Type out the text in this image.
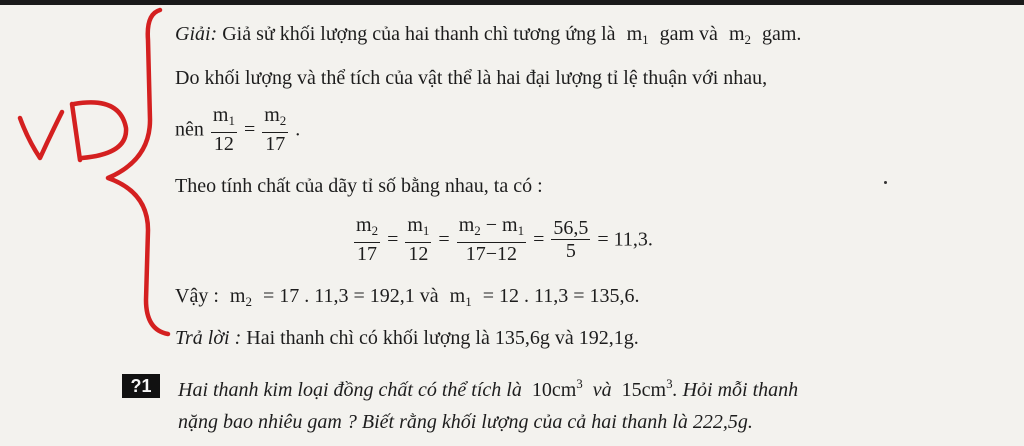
Giải: Giả sử khối lượng của hai thanh chì tương ứng là $m_1$ gam và $m_2$ gam.
Do khối lượng và thể tích của vật thể là hai đại lượng tỉ lệ thuận với nhau,
nên $\frac{m_1}{12} = \frac{m_2}{17}$ .
Theo tính chất của dãy tỉ số bằng nhau, ta có :
$\frac{m_2}{17} = \frac{m_1}{12} = \frac{m_2 - m_1}{17-12} = \frac{56,5}{5} = 11,3$.
Vậy : $m_2 = 17$ . 11,3 = 192,1 và $m_1 = 12$ . 11,3 = 135,6.
Trả lời : Hai thanh chì có khối lượng là 135,6g và 192,1g.
?1	Hai thanh kim loại đồng chất có thể tích là $10cm^3$ và $15cm^3$. Hỏi mỗi thanh
nặng bao nhiêu gam ? Biết rằng khối lượng của cả hai thanh là 222,5g.
